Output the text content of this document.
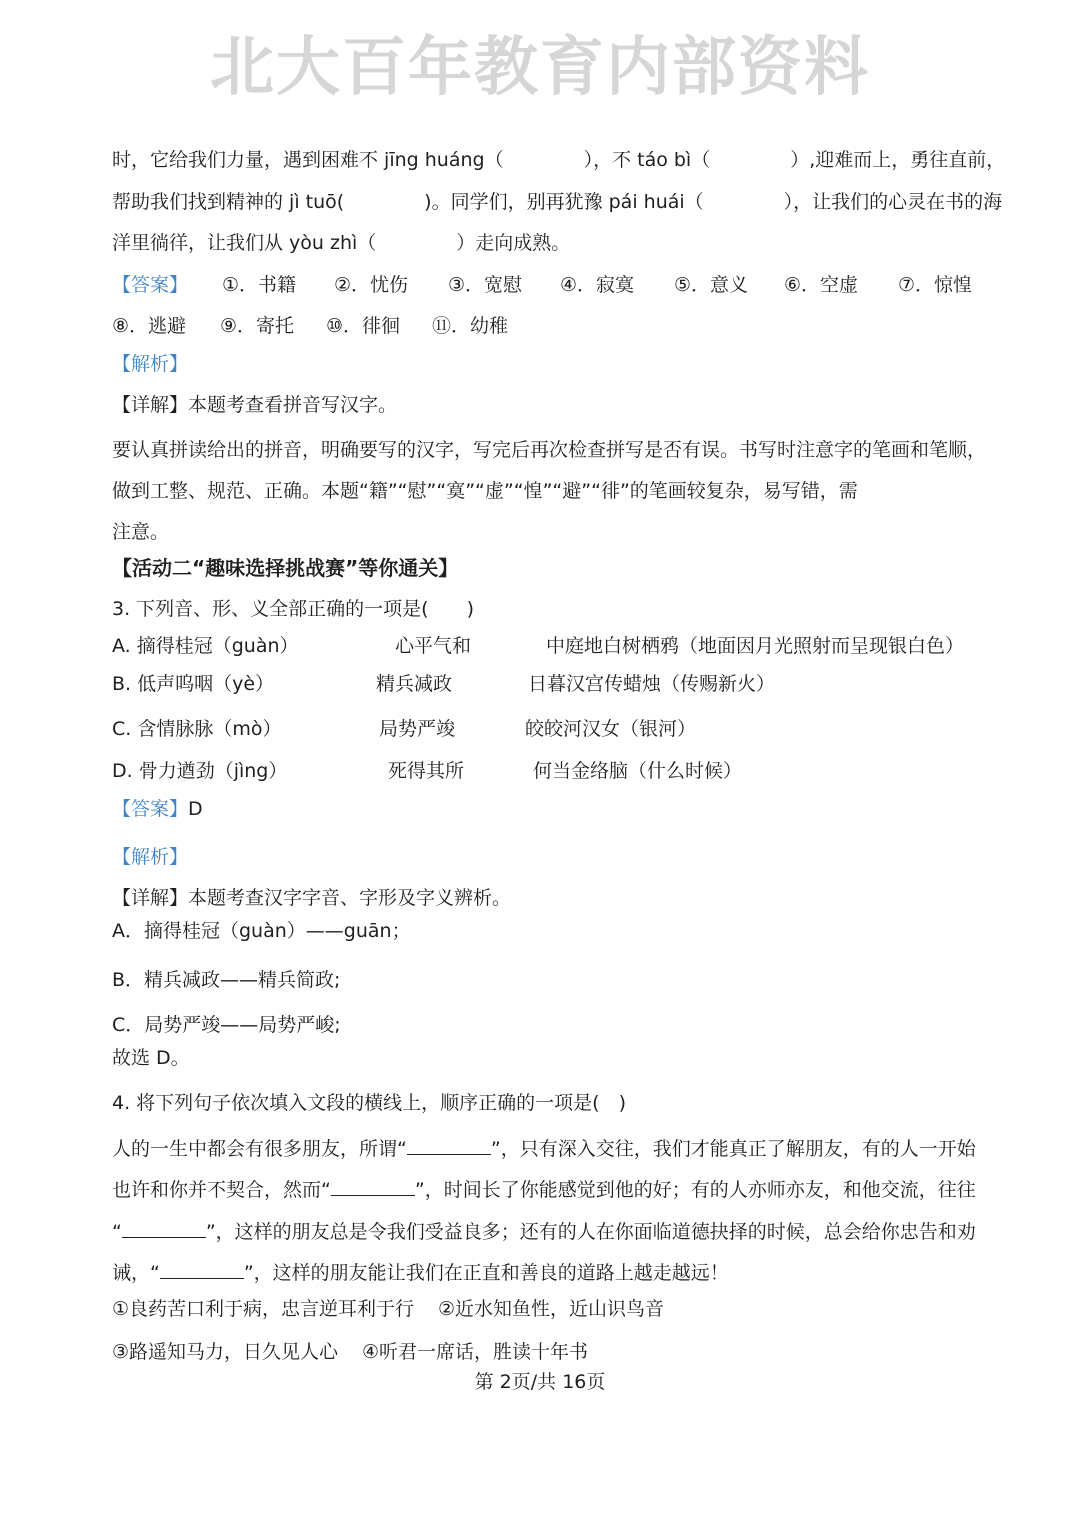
北大百年教育内部资料
时，它给我们力量，遇到困难不 jīng huáng（	），不 táo bì（	）,迎难而上，勇往直前，
帮助我们找到精神的 jì tuō(	)。同学们，别再犹豫 pái huái（	），让我们的心灵在书的海
洋里徜徉，让我们从 yòu zhì（	）走向成熟。
【答案】 ①．书籍 ②．忧伤 ③．宽慰 ④．寂寞 ⑤．意义 ⑥．空虚 ⑦．惊惶
⑧．逃避 ⑨．寄托 ⑩．徘徊 ⑪．幼稚
【解析】
【详解】本题考查看拼音写汉字。
要认真拼读给出的拼音，明确要写的汉字，写完后再次检查拼写是否有误。书写时注意字的笔画和笔顺，
做到工整、规范、正确。本题“籍”“慰”“寞”“虚”“惶”“避”“徘”的笔画较复杂，易写错，需
注意。
【活动二“趣味选择挑战赛”等你通关】
3. 下列音、形、义全部正确的一项是(　　)
A. 摘得桂冠（guàn）	心平气和	中庭地白树栖鸦（地面因月光照射而呈现银白色）
B. 低声呜咽（yè）	精兵减政	日暮汉宫传蜡烛（传赐新火）
C. 含情脉脉（mò）	局势严竣	皎皎河汉女（银河）
D. 骨力遒劲（jìng）	死得其所	何当金络脑（什么时候）
【答案】D
【解析】
【详解】本题考查汉字字音、字形及字义辨析。
A．摘得桂冠（guàn）——guān；
B．精兵减政——精兵简政;
C．局势严竣——局势严峻;
故选 D。
4. 将下列句子依次填入文段的横线上，顺序正确的一项是(　)
人的一生中都会有很多朋友，所谓“	”，只有深入交往，我们才能真正了解朋友，有的人一开始
也许和你并不契合，然而“	”，时间长了你能感觉到他的好；有的人亦师亦友，和他交流，往往
“	”，这样的朋友总是令我们受益良多；还有的人在你面临道德抉择的时候，总会给你忠告和劝
诫，“	”，这样的朋友能让我们在正直和善良的道路上越走越远！
①良药苦口利于病，忠言逆耳利于行 ②近水知鱼性，近山识鸟音
③路遥知马力，日久见人心 ④听君一席话，胜读十年书
第 2页/共 16页
